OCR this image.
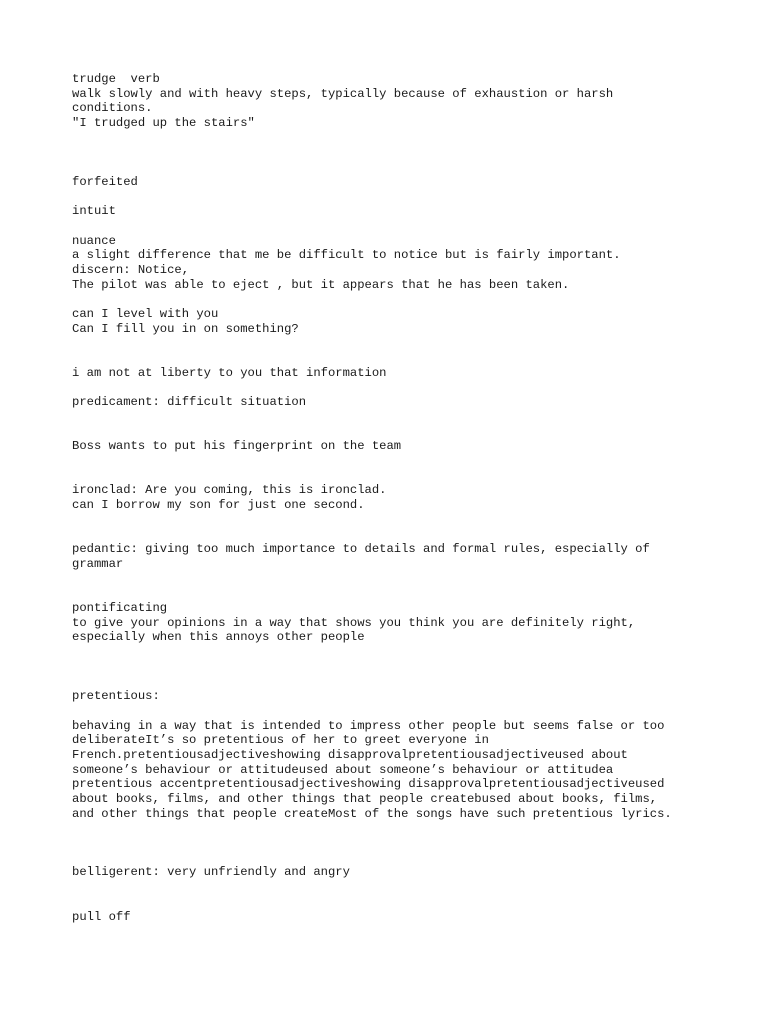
trudge  verb
walk slowly and with heavy steps, typically because of exhaustion or harsh
conditions.
"I trudged up the stairs"
forfeited
intuit
nuance
a slight difference that me be difficult to notice but is fairly important.
discern: Notice,
The pilot was able to eject , but it appears that he has been taken.
can I level with you
Can I fill you in on something?
i am not at liberty to you that information
predicament: difficult situation
Boss wants to put his fingerprint on the team
ironclad: Are you coming, this is ironclad.
can I borrow my son for just one second.
pedantic: giving too much importance to details and formal rules, especially of
grammar
pontificating
to give your opinions in a way that shows you think you are definitely right,
especially when this annoys other people
pretentious:
behaving in a way that is intended to impress other people but seems false or too
deliberateIt’s so pretentious of her to greet everyone in
French.pretentiousadjectiveshowing disapprovalpretentiousadjectiveused about
someone’s behaviour or attitudeused about someone’s behaviour or attitudea
pretentious accentpretentiousadjectiveshowing disapprovalpretentiousadjectiveused
about books, films, and other things that people createbused about books, films,
and other things that people createMost of the songs have such pretentious lyrics.
belligerent: very unfriendly and angry
pull off
